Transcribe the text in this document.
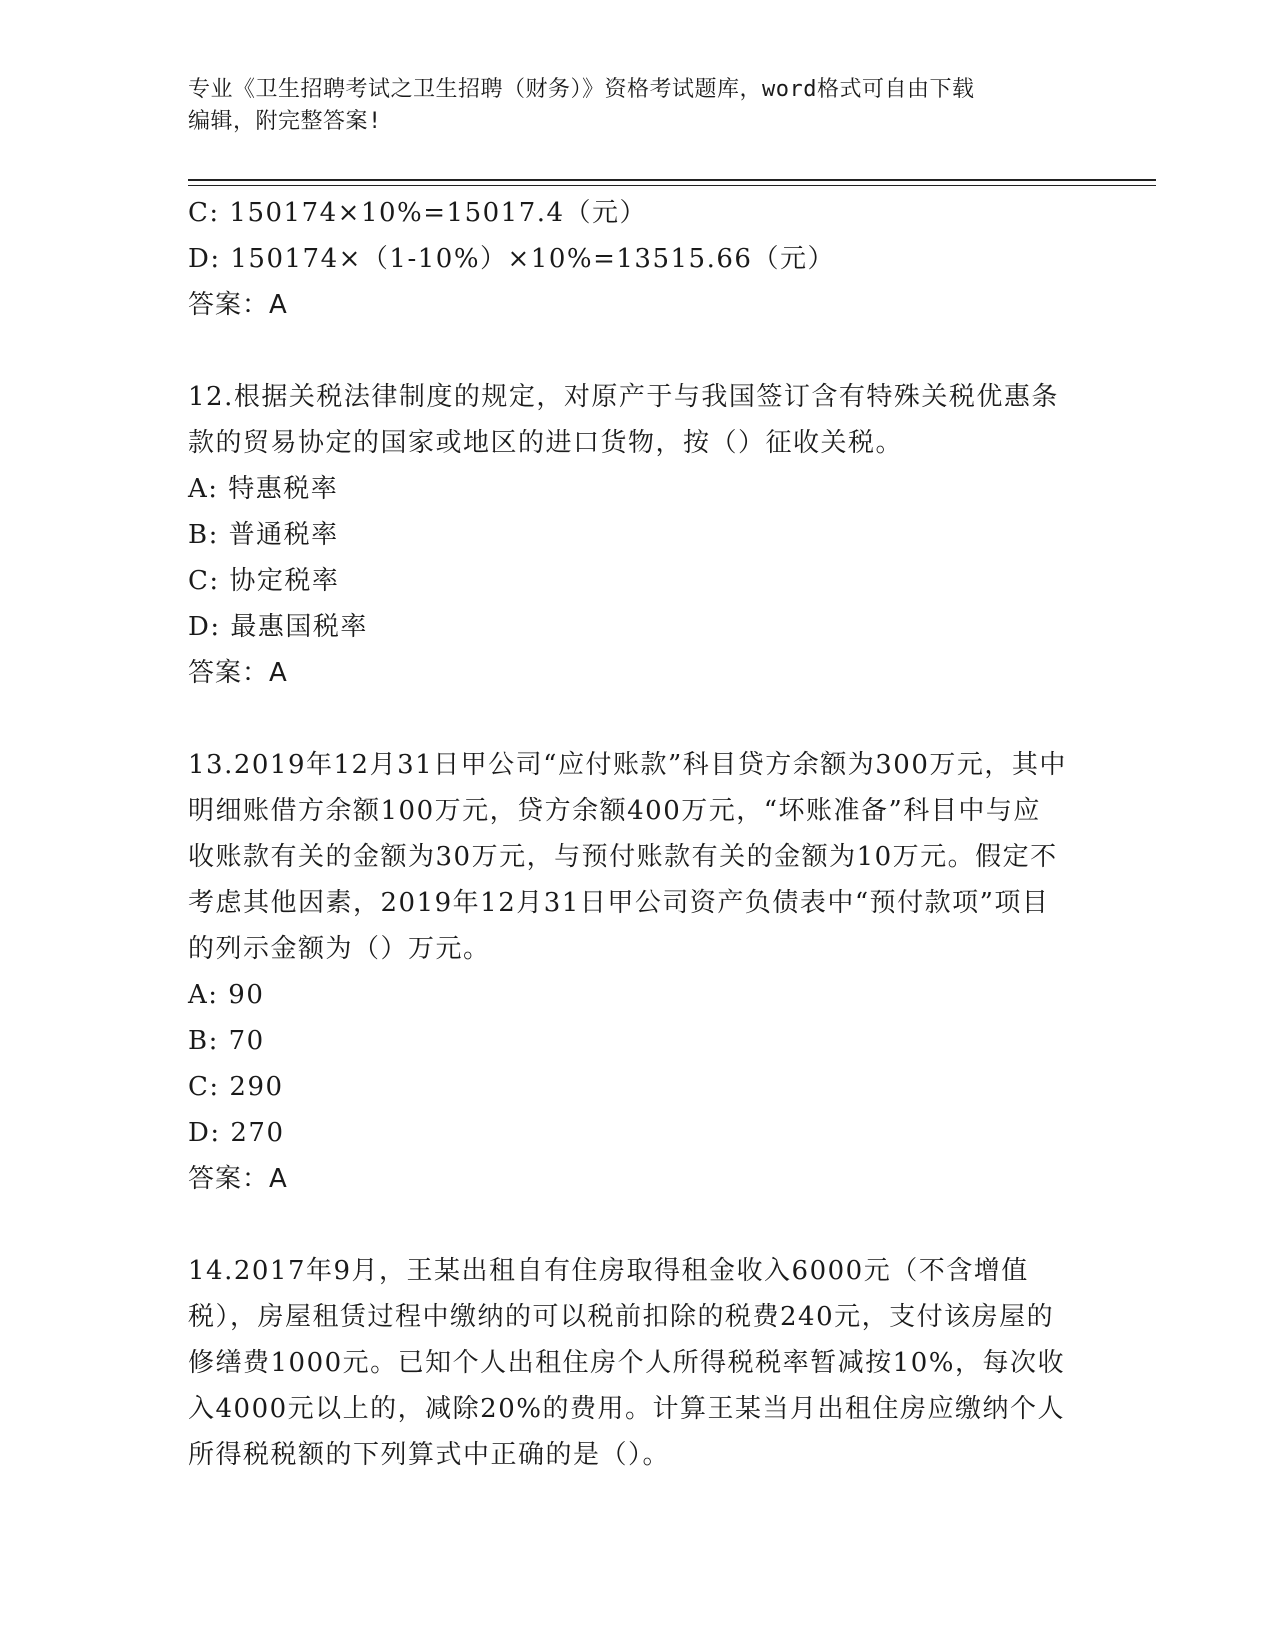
专业《卫生招聘考试之卫生招聘（财务）》资格考试题库，word格式可自由下载
编辑，附完整答案!
C: 150174×10%=15017.4（元）
D: 150174×（1-10%）×10%=13515.66（元）
答案：A
12.根据关税法律制度的规定，对原产于与我国签订含有特殊关税优惠条款的贸易协定的国家或地区的进口货物，按（）征收关税。
A: 特惠税率
B: 普通税率
C: 协定税率
D: 最惠国税率
答案：A
13.2019年12月31日甲公司“应付账款”科目贷方余额为300万元，其中明细账借方余额100万元，贷方余额400万元，“坏账准备”科目中与应收账款有关的金额为30万元，与预付账款有关的金额为10万元。假定不考虑其他因素，2019年12月31日甲公司资产负债表中“预付款项”项目的列示金额为（）万元。
A: 90
B: 70
C: 290
D: 270
答案：A
14.2017年9月，王某出租自有住房取得租金收入6000元（不含增值税），房屋租赁过程中缴纳的可以税前扣除的税费240元，支付该房屋的修缮费1000元。已知个人出租住房个人所得税税率暂减按10%，每次收入4000元以上的，减除20%的费用。计算王某当月出租住房应缴纳个人所得税税额的下列算式中正确的是（）。
